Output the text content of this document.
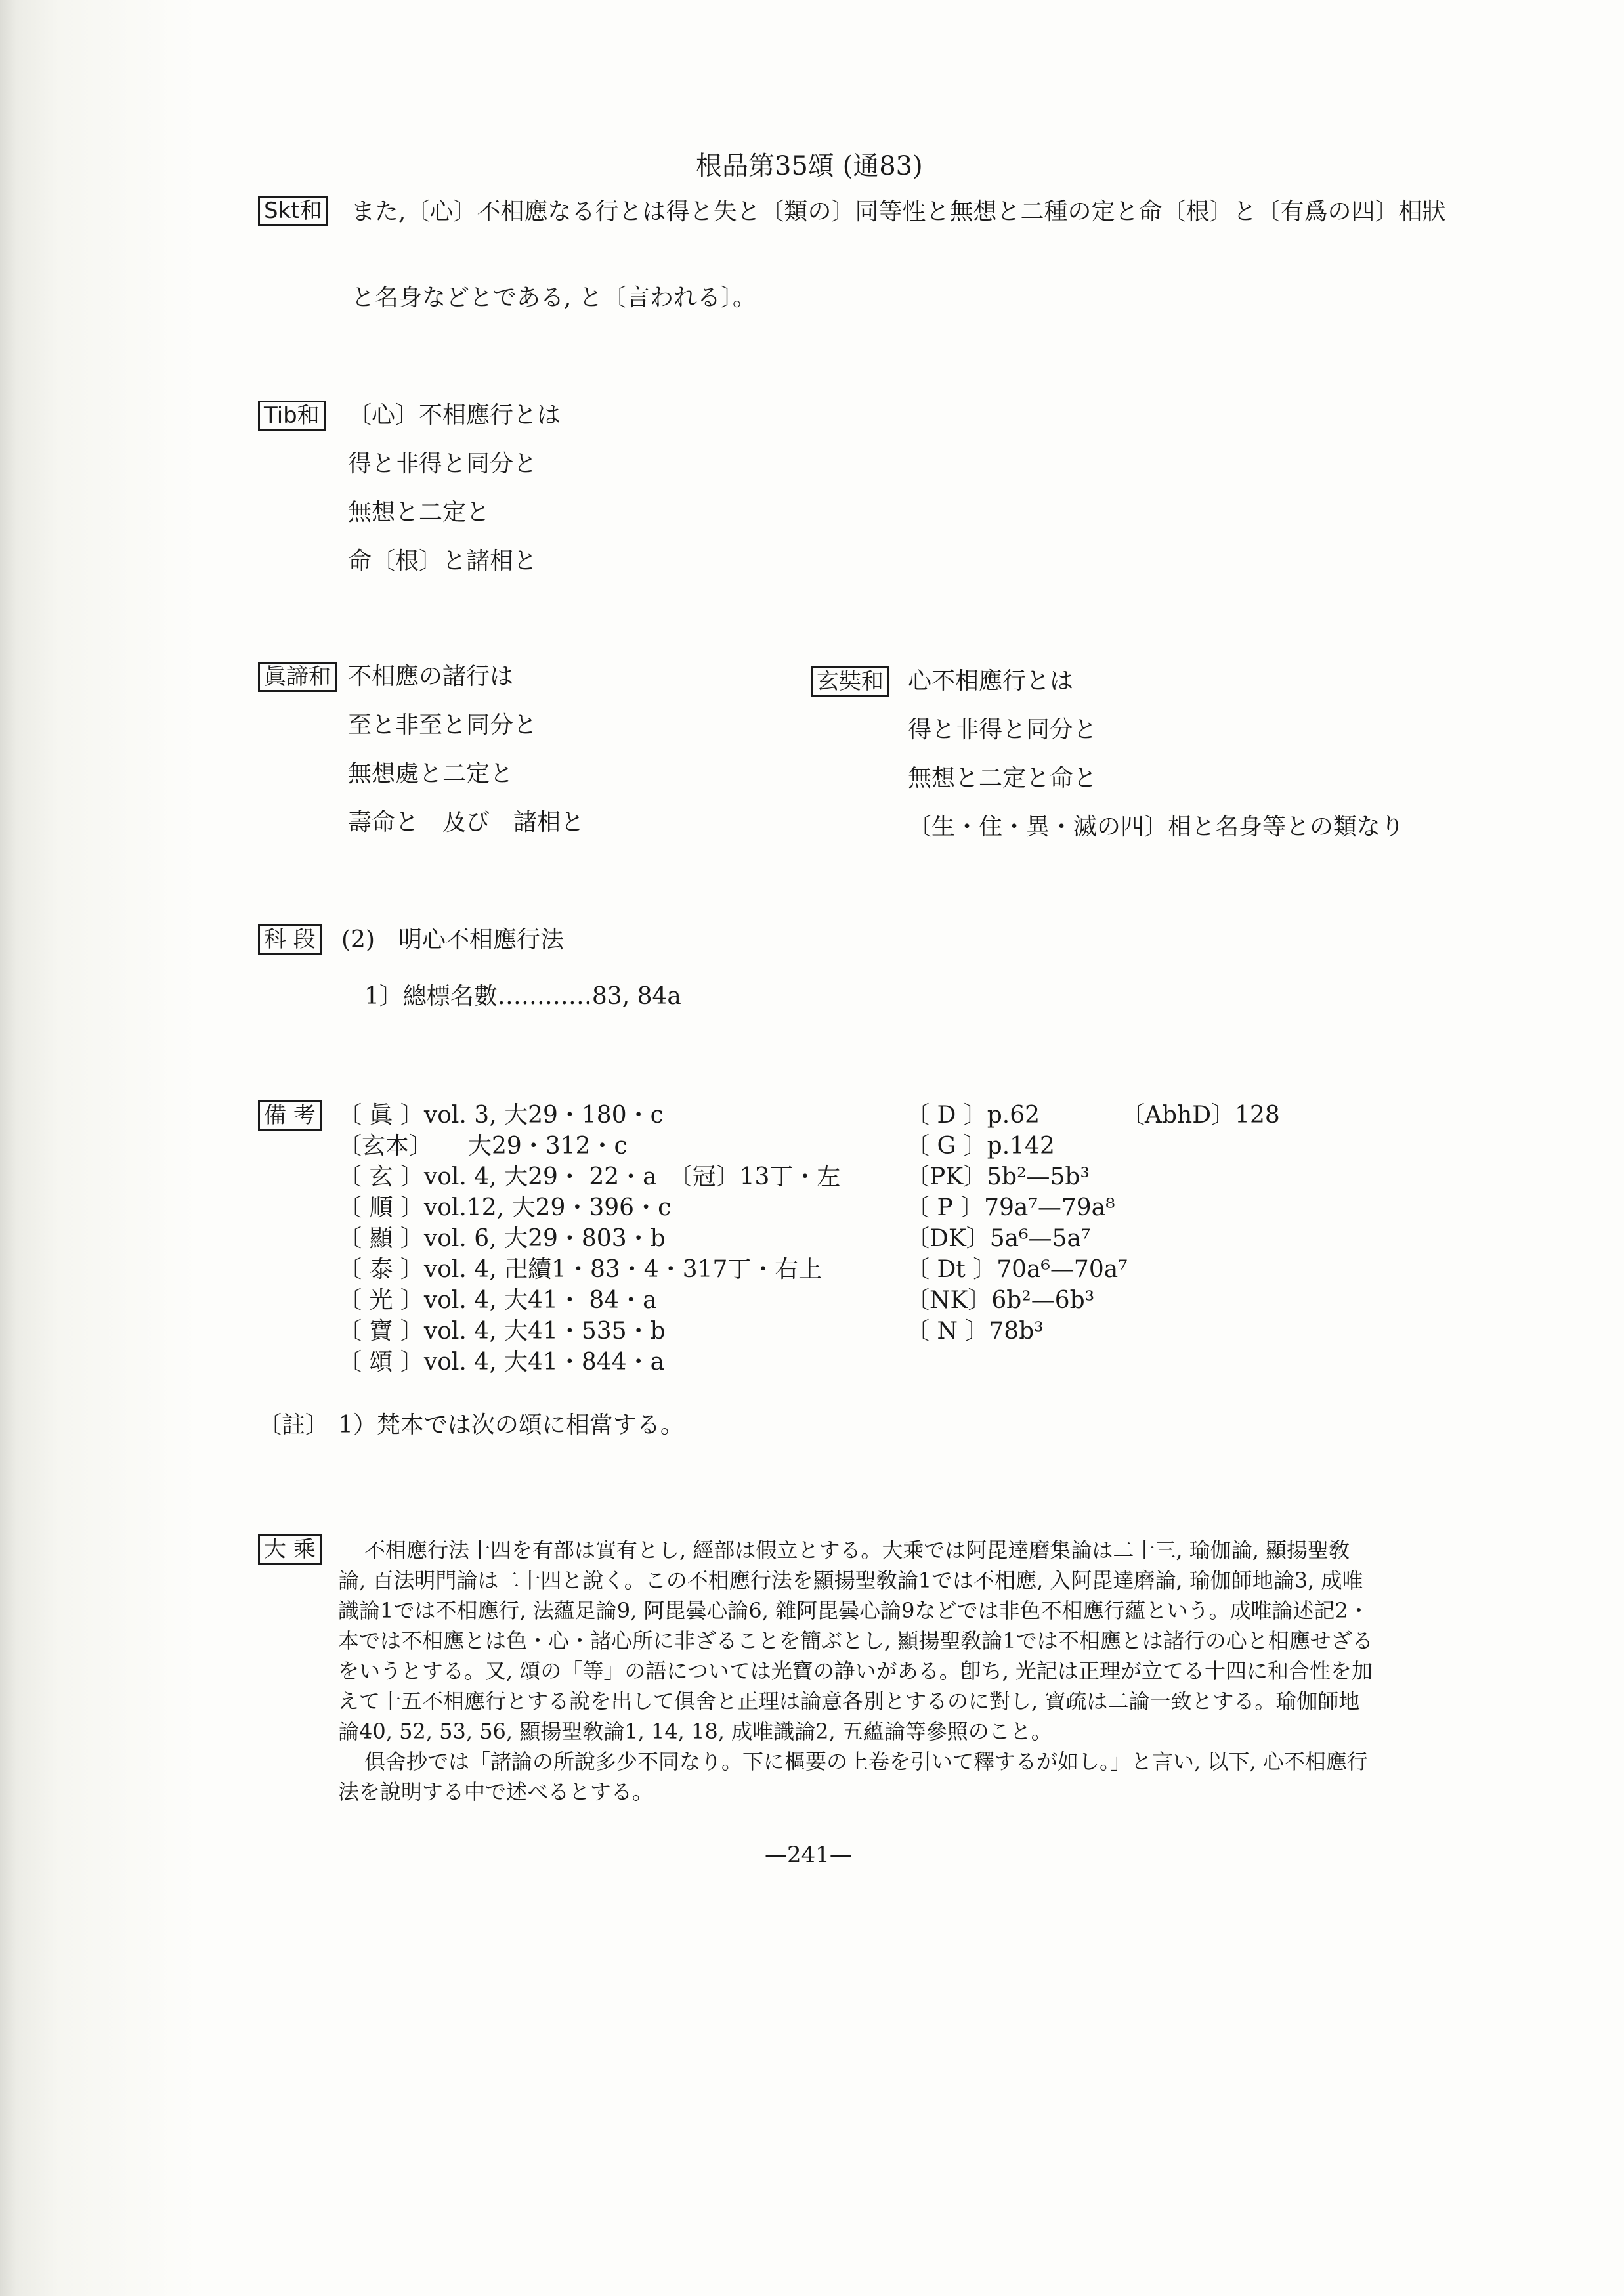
根品第35頌 (通83)
Skt和 また,〔心〕不相應なる行とは得と失と〔類の〕同等性と無想と二種の定と命〔根〕と〔有爲の四〕相狀
と名身などとである, と〔言われる〕。
Tib和 〔心〕不相應行とは
得と非得と同分と
無想と二定と
命〔根〕と諸相と
眞諦和 不相應の諸行は
至と非至と同分と
無想處と二定と
壽命と　及び　諸相と
玄奘和 心不相應行とは
得と非得と同分と
無想と二定と命と
〔生・住・異・滅の四〕相と名身等との類なり
科 段 (2)　明心不相應行法
1〕總標名數…………83, 84a
備 考 〔 眞 〕vol. 3, 大29・180・c
〔玄本〕　　大29・312・c
〔 玄 〕vol. 4, 大29・ 22・a　〔冠〕13丁・左
〔 順 〕vol.12, 大29・396・c
〔 顯 〕vol. 6, 大29・803・b
〔 泰 〕vol. 4, 卍續1・83・4・317丁・右上
〔 光 〕vol. 4, 大41・ 84・a
〔 寶 〕vol. 4, 大41・535・b
〔 頌 〕vol. 4, 大41・844・a
〔 D 〕p.62
〔 G 〕p.142
〔PK〕5b²—5b³
〔 P 〕79a⁷—79a⁸
〔DK〕5a⁶—5a⁷
〔 Dt 〕70a⁶—70a⁷
〔NK〕6b²—6b³
〔 N 〕78b³
〔AbhD〕128
〔註〕 1）梵本では次の頌に相當する。
大 乘	不相應行法十四を有部は實有とし, 經部は假立とする。大乘では阿毘達磨集論は二十三, 瑜伽論, 顯揚聖敎論, 百法明門論は二十四と說く。この不相應行法を顯揚聖敎論1では不相應, 入阿毘達磨論, 瑜伽師地論3, 成唯識論1では不相應行, 法蘊足論9, 阿毘曇心論6, 雜阿毘曇心論9などでは非色不相應行蘊という。成唯論述記2・本では不相應とは色・心・諸心所に非ざることを簡ぶとし, 顯揚聖敎論1では不相應とは諸行の心と相應せざるをいうとする。又, 頌の「等」の語については光寶の諍いがある。卽ち, 光記は正理が立てる十四に和合性を加えて十五不相應行とする說を出して俱舍と正理は論意各別とするのに對し, 寶疏は二論一致とする。瑜伽師地論40, 52, 53, 56, 顯揚聖敎論1, 14, 18, 成唯識論2, 五蘊論等參照のこと。

俱舍抄では「諸論の所說多少不同なり。下に樞要の上卷を引いて釋するが如し。」と言い, 以下, 心不相應行法を說明する中で述べるとする。

—241—
